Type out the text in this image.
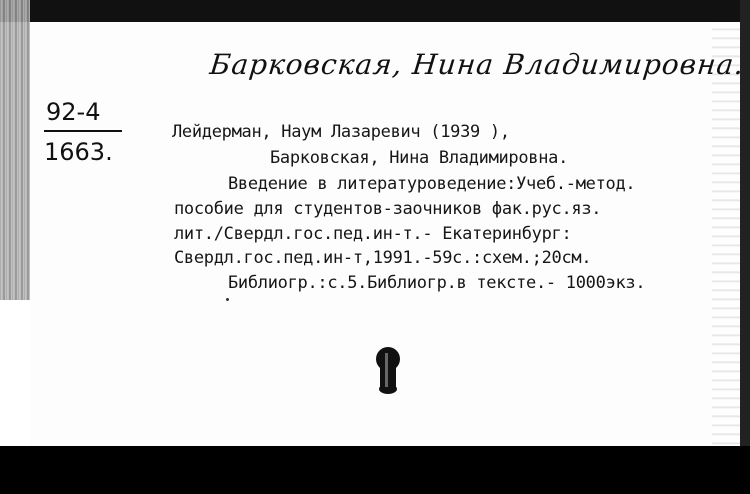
Барковская, Нина Владимировна.
92-4
1663.
Лейдерман, Наум Лазаревич (1939 ),
Барковская, Нина Владимировна.
Введение в литературоведение:Учеб.-метод.
пособие для студентов-заочников фак.рус.яз.
лит./Свердл.гос.пед.ин-т.- Екатеринбург:
Свердл.гос.пед.ин-т,1991.-59с.:схем.;20см.
Библиогр.:с.5.Библиогр.в тексте.- 1000экз.
